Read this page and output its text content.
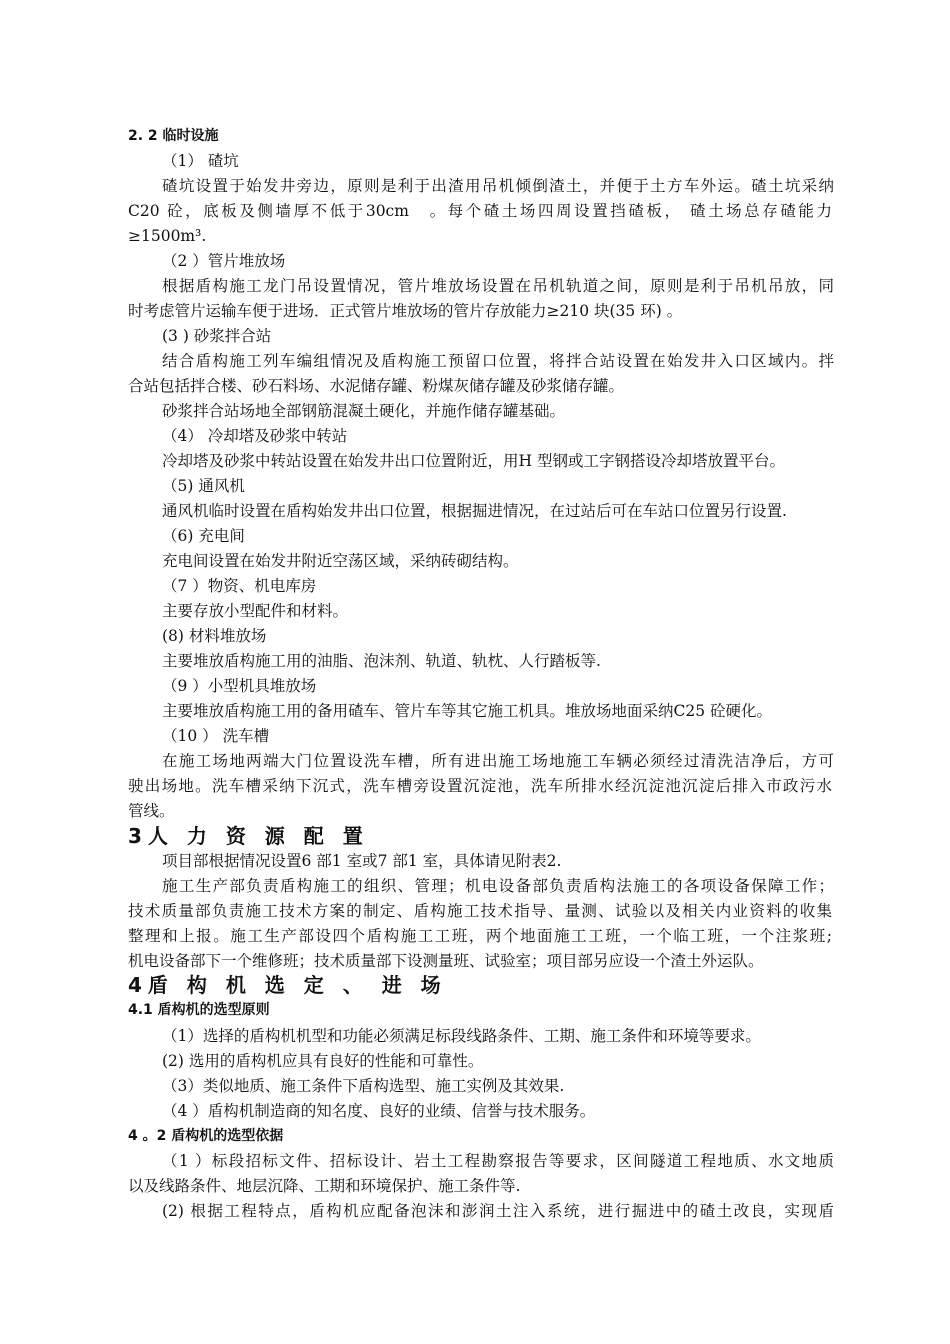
2. 2 临时设施
（1） 碴坑
碴坑设置于始发井旁边，原则是利于出渣用吊机倾倒渣土，并便于土方车外运。碴土坑采纳
C20 砼，底板及侧墙厚不低于30cm　。每个碴土场四周设置挡碴板， 碴土场总存碴能力
≥1500m³.
（2 ）管片堆放场
根据盾构施工龙门吊设置情况，管片堆放场设置在吊机轨道之间，原则是利于吊机吊放，同
时考虑管片运输车便于进场．正式管片堆放场的管片存放能力≥210 块(35 环) 。
(3 ) 砂浆拌合站
结合盾构施工列车编组情况及盾构施工预留口位置，将拌合站设置在始发井入口区域内。拌
合站包括拌合楼、砂石料场、水泥储存罐、粉煤灰储存罐及砂浆储存罐。
砂浆拌合站场地全部钢筋混凝土硬化，并施作储存罐基础。
（4） 冷却塔及砂浆中转站
冷却塔及砂浆中转站设置在始发井出口位置附近，用H 型钢或工字钢搭设冷却塔放置平台。
（5) 通风机
通风机临时设置在盾构始发井出口位置，根据掘进情况，在过站后可在车站口位置另行设置.
（6) 充电间
充电间设置在始发井附近空荡区域，采纳砖砌结构。
（7 ）物资、机电库房
主要存放小型配件和材料。
(8) 材料堆放场
主要堆放盾构施工用的油脂、泡沫剂、轨道、轨枕、人行踏板等.
（9 ）小型机具堆放场
主要堆放盾构施工用的备用碴车、管片车等其它施工机具。堆放场地面采纳C25 砼硬化。
（10 ） 洗车槽
在施工场地两端大门位置设洗车槽，所有进出施工场地施工车辆必须经过清洗洁净后，方可
驶出场地。洗车槽采纳下沉式，洗车槽旁设置沉淀池，洗车所排水经沉淀池沉淀后排入市政污水
管线。
3人 力 资 源 配 置
项目部根据情况设置6 部1 室或7 部1 室，具体请见附表2.
施工生产部负责盾构施工的组织、管理；机电设备部负责盾构法施工的各项设备保障工作；
技术质量部负责施工技术方案的制定、盾构施工技术指导、量测、试验以及相关内业资料的收集
整理和上报。施工生产部设四个盾构施工工班，两个地面施工工班，一个临工班，一个注浆班;
机电设备部下一个维修班；技术质量部下设测量班、试验室；项目部另应设一个渣土外运队。
4盾 构 机 选 定 、 进 场
4.1 盾构机的选型原则
（1）选择的盾构机机型和功能必须满足标段线路条件、工期、施工条件和环境等要求。
(2) 选用的盾构机应具有良好的性能和可靠性。
（3）类似地质、施工条件下盾构选型、施工实例及其效果.
（4 ）盾构机制造商的知名度、良好的业绩、信誉与技术服务。
4 。2 盾构机的选型依据
（1 ）标段招标文件、招标设计、岩土工程勘察报告等要求，区间隧道工程地质、水文地质
以及线路条件、地层沉降、工期和环境保护、施工条件等.
(2) 根据工程特点，盾构机应配备泡沫和澎润土注入系统，进行掘进中的碴土改良，实现盾
